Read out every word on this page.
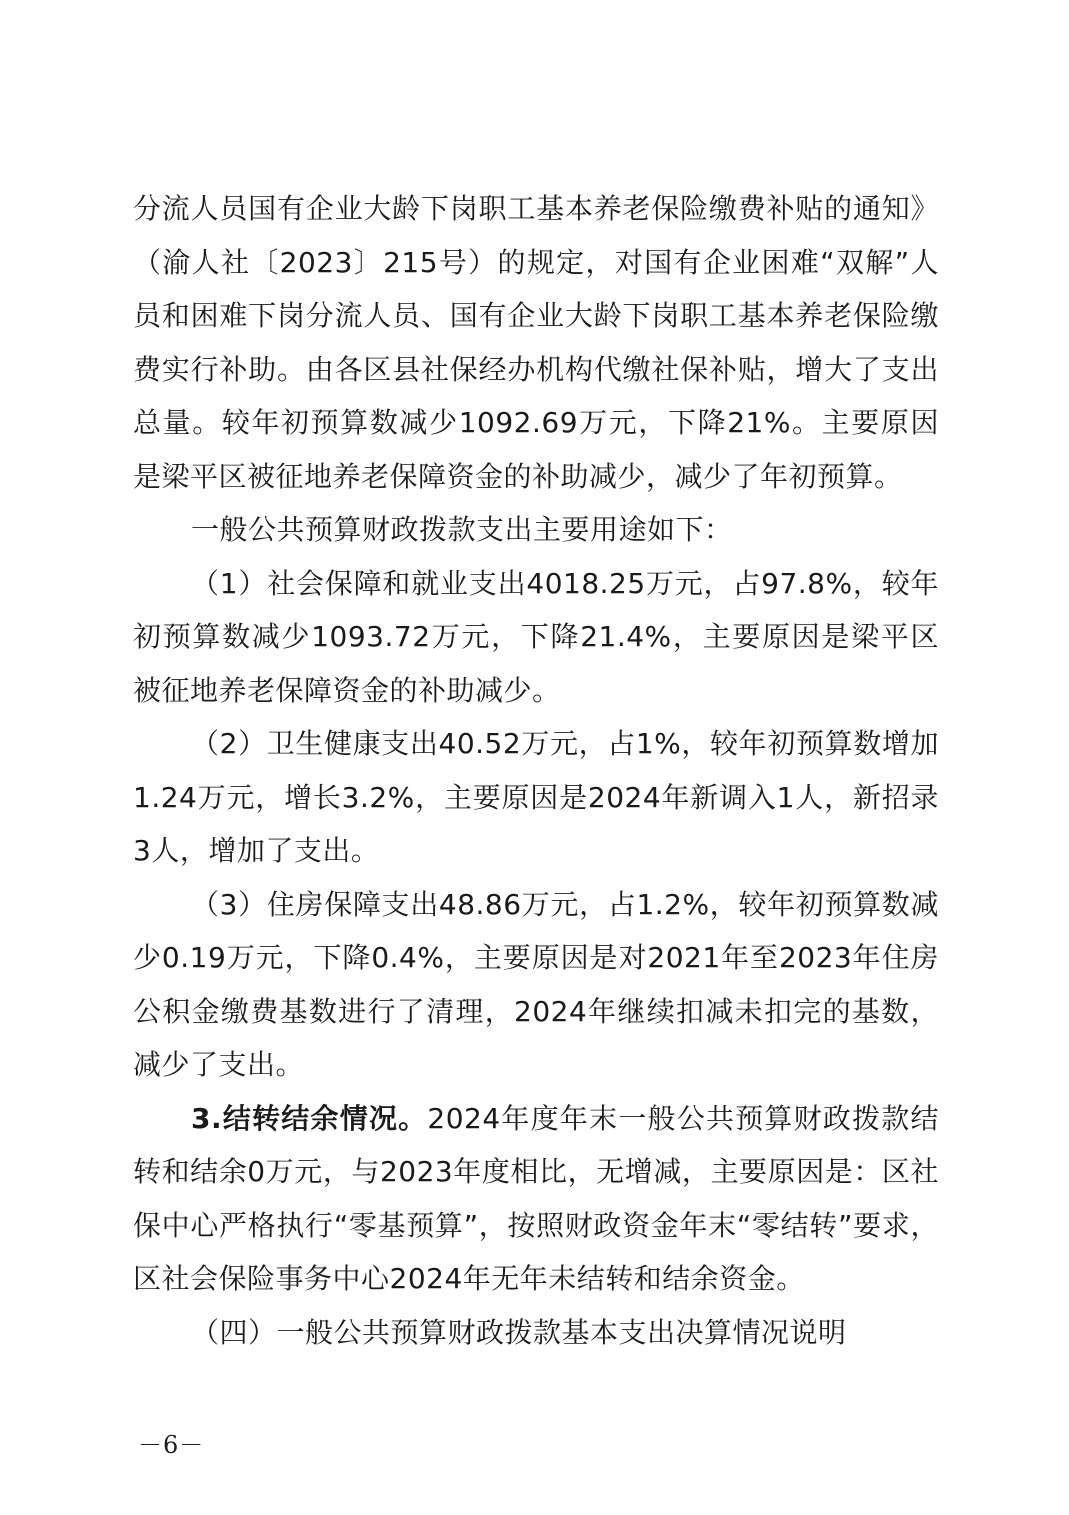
分流人员国有企业大龄下岗职工基本养老保险缴费补贴的通知》（渝人社〔2023〕215号）的规定，对国有企业困难“双解”人员和困难下岗分流人员、国有企业大龄下岗职工基本养老保险缴费实行补助。由各区县社保经办机构代缴社保补贴，增大了支出总量。较年初预算数减少1092.69万元，下降21%。主要原因是梁平区被征地养老保障资金的补助减少，减少了年初预算。

一般公共预算财政拨款支出主要用途如下：

（1）社会保障和就业支出4018.25万元，占97.8%，较年初预算数减少1093.72万元，下降21.4%，主要原因是梁平区被征地养老保障资金的补助减少。

（2）卫生健康支出40.52万元，占1%，较年初预算数增加1.24万元，增长3.2%，主要原因是2024年新调入1人，新招录3人，增加了支出。

（3）住房保障支出48.86万元，占1.2%，较年初预算数减少0.19万元，下降0.4%，主要原因是对2021年至2023年住房公积金缴费基数进行了清理，2024年继续扣减未扣完的基数，减少了支出。

3.结转结余情况。2024年度年末一般公共预算财政拨款结转和结余0万元，与2023年度相比，无增减，主要原因是：区社保中心严格执行“零基预算”，按照财政资金年末“零结转”要求，区社会保险事务中心2024年无年未结转和结余资金。

（四）一般公共预算财政拨款基本支出决算情况说明

－6－
